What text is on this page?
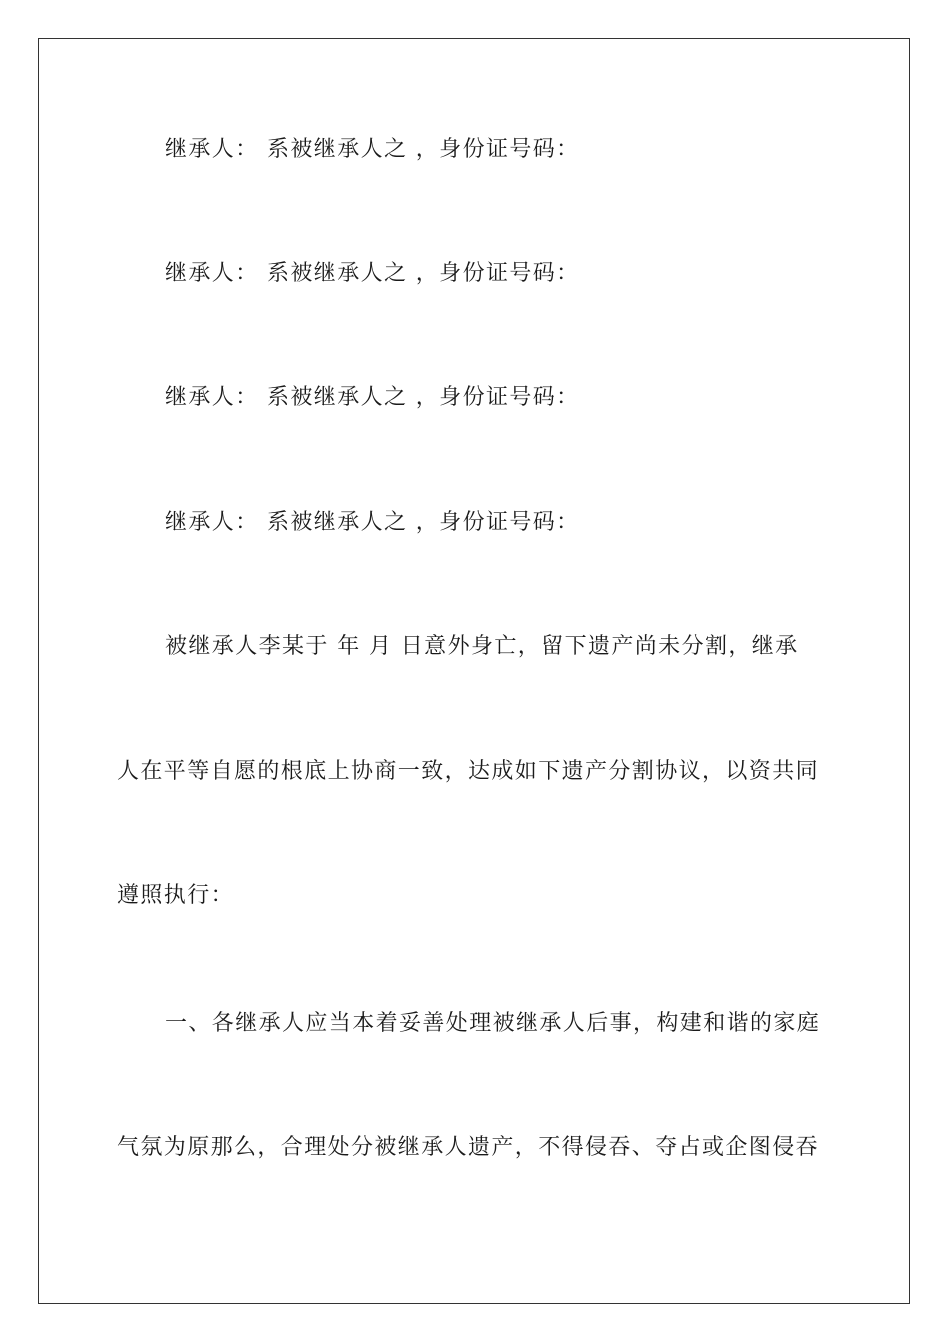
继承人： 系被继承人之 ，身份证号码：
继承人： 系被继承人之 ，身份证号码：
继承人： 系被继承人之 ，身份证号码：
继承人： 系被继承人之 ，身份证号码：
被继承人李某于 年 月 日意外身亡，留下遗产尚未分割，继承
人在平等自愿的根底上协商一致，达成如下遗产分割协议，以资共同
遵照执行：
一、各继承人应当本着妥善处理被继承人后事，构建和谐的家庭
气氛为原那么，合理处分被继承人遗产，不得侵吞、夺占或企图侵吞
